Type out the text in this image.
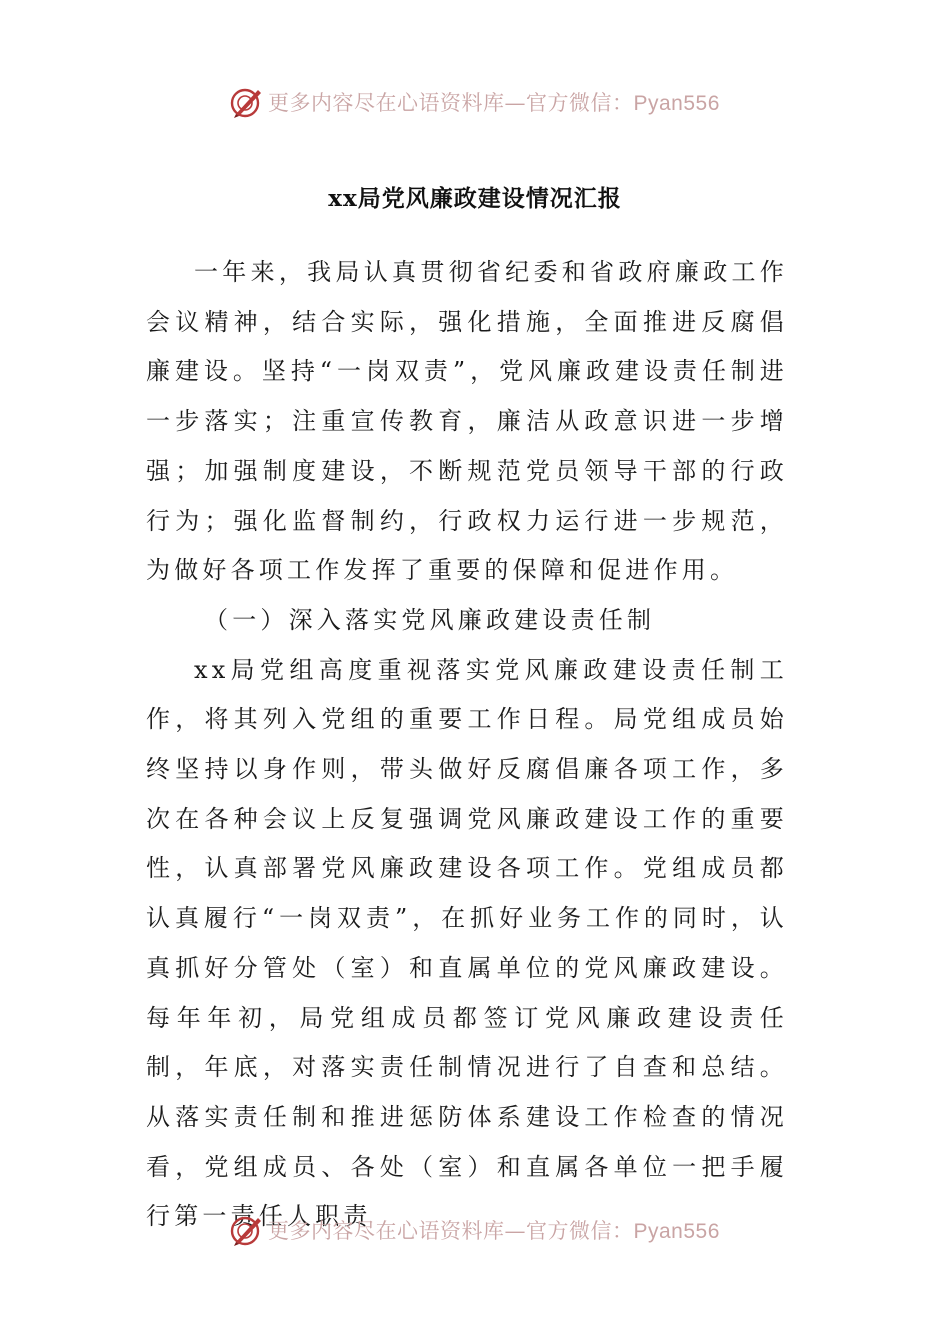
更多内容尽在心语资料库—官方微信：Pyan556
xx局党风廉政建设情况汇报

一年来，我局认真贯彻省纪委和省政府廉政工作会议精神，结合实际，强化措施，全面推进反腐倡廉建设。坚持“一岗双责”，党风廉政建设责任制进一步落实；注重宣传教育，廉洁从政意识进一步增强；加强制度建设，不断规范党员领导干部的行政行为；强化监督制约，行政权力运行进一步规范，为做好各项工作发挥了重要的保障和促进作用。

（一）深入落实党风廉政建设责任制

xx局党组高度重视落实党风廉政建设责任制工作，将其列入党组的重要工作日程。局党组成员始终坚持以身作则，带头做好反腐倡廉各项工作，多次在各种会议上反复强调党风廉政建设工作的重要性，认真部署党风廉政建设各项工作。党组成员都认真履行“一岗双责”，在抓好业务工作的同时，认真抓好分管处（室）和直属单位的党风廉政建设。每年年初，局党组成员都签订党风廉政建设责任制，年底，对落实责任制情况进行了自查和总结。从落实责任制和推进惩防体系建设工作检查的情况看，党组成员、各处（室）和直属各单位一把手履行第一责任人职责

更多内容尽在心语资料库—官方微信：Pyan556
